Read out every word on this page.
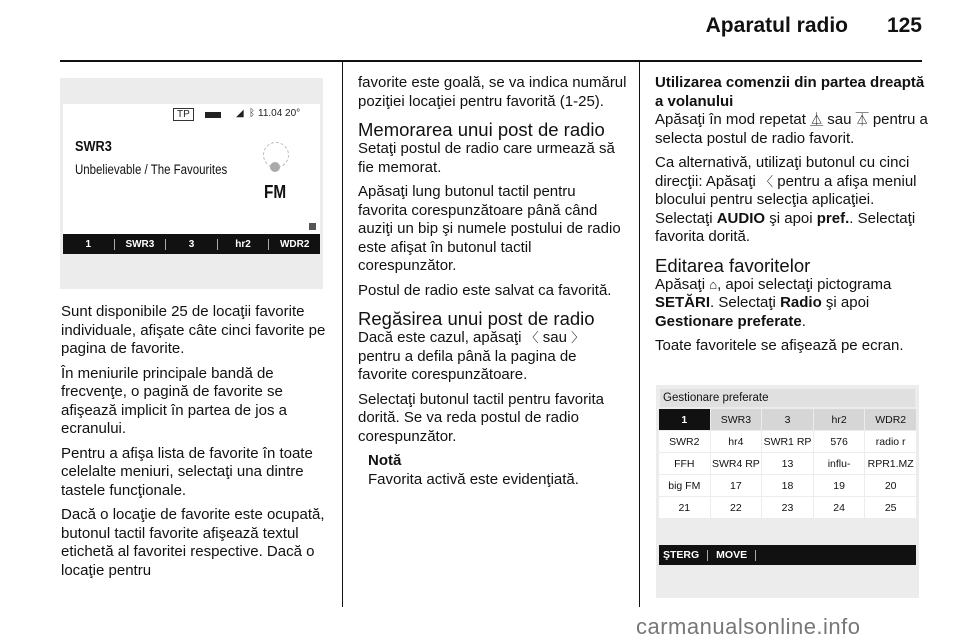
Aparatul radio 125
TP	◢ ᛒ 11.04 20°
SWR3
Unbelievable / The Favourites
FM
1	SWR3	3	hr2	WDR2

Sunt disponibile 25 de locaţii favorite individuale, afişate câte cinci favorite pe pagina de favorite.

În meniurile principale bandă de frecvenţe, o pagină de favorite se afişează implicit în partea de jos a ecranului.

Pentru a afişa lista de favorite în toate celelalte meniuri, selectaţi una dintre tastele funcţionale.

Dacă o locaţie de favorite este ocupată, butonul tactil favorite afişează textul etichetă al favoritei respective. Dacă o locaţie pentru

favorite este goală, se va indica numărul poziţiei locaţiei pentru favorită (1-25).

Memorarea unui post de radio

Setaţi postul de radio care urmează să fie memorat.

Apăsaţi lung butonul tactil pentru favorita corespunzătoare până când auziţi un bip şi numele postului de radio este afişat în butonul tactil corespunzător.

Postul de radio este salvat ca favorită.

Regăsirea unui post de radio

Dacă este cazul, apăsaţi 〈 sau 〉 pentru a defila până la pagina de favorite corespunzătoare.

Selectaţi butonul tactil pentru favorita dorită. Se va reda postul de radio corespunzător.

Notă
Favorita activă este evidenţiată.

Utilizarea comenzii din partea dreaptă a volanului

Apăsaţi în mod repetat ⏅ sau ⏄ pentru a selecta postul de radio favorit.

Ca alternativă, utilizaţi butonul cu cinci direcţii: Apăsaţi 〈 pentru a afişa meniul blocului pentru selecţia aplicaţiei. Selectaţi AUDIO şi apoi pref.. Selectaţi favorita dorită.

Editarea favoritelor

Apăsaţi ⌂, apoi selectaţi pictograma SETĂRI. Selectaţi Radio şi apoi Gestionare preferate.

Toate favoritele se afişează pe ecran.

Gestionare preferate
1	SWR3	3	hr2	WDR2
SWR2	hr4	SWR1 RP	576	radio r
FFH	SWR4 RP	13	influ-	RPR1.MZ
big FM	17	18	19	20
21	22	23	24	25
ŞTERG MOVE
carmanualsonline.info
